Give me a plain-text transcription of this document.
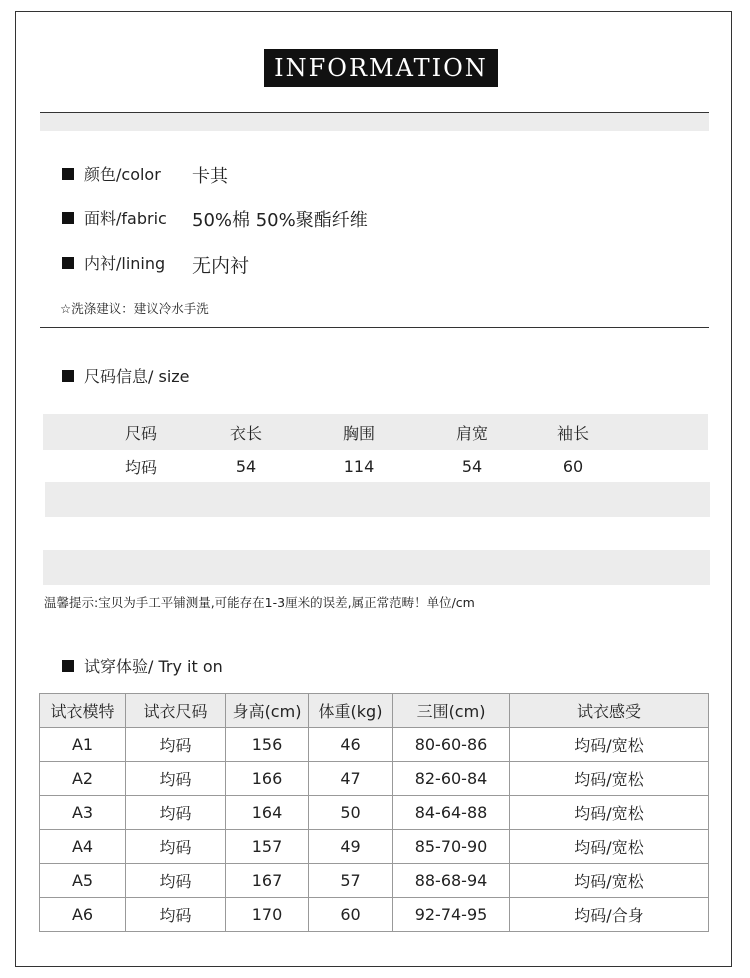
INFORMATION
颜色/color 卡其
面料/fabric 50%棉 50%聚酯纤维
内衬/lining 无内衬
☆洗涤建议：建议冷水手洗
尺码信息/ size
尺码	衣长	胸围	肩宽	袖长
均码	54	114	54	60
温馨提示:宝贝为手工平铺测量,可能存在1-3厘米的误差,属正常范畴！单位/cm
试穿体验/ Try it on
试衣模特	试衣尺码	身高(cm)	体重(kg)	三围(cm)	试衣感受
A1	均码	156	46	80-60-86	均码/宽松
A2	均码	166	47	82-60-84	均码/宽松
A3	均码	164	50	84-64-88	均码/宽松
A4	均码	157	49	85-70-90	均码/宽松
A5	均码	167	57	88-68-94	均码/宽松
A6	均码	170	60	92-74-95	均码/合身
